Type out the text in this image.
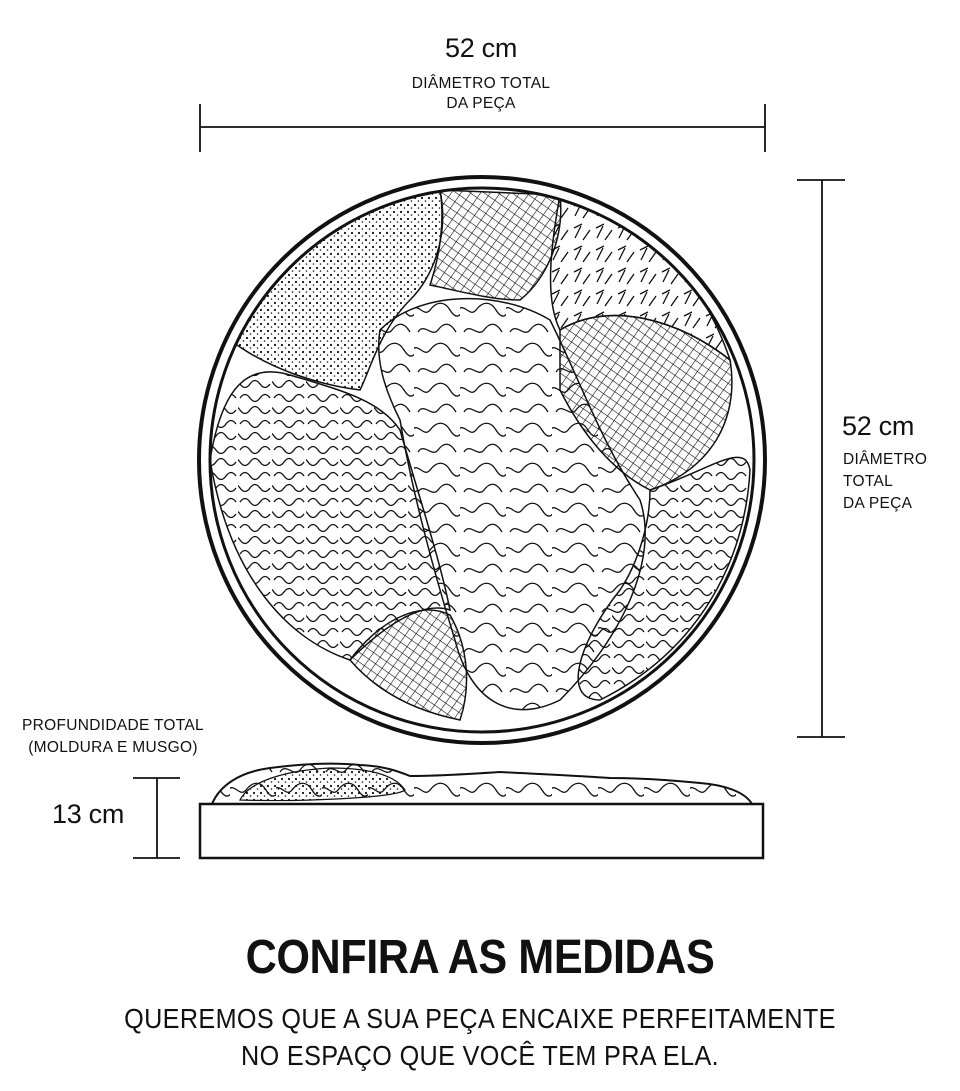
52 cm
DIÂMETRO TOTAL
DA PEÇA
52 cm
DIÂMETRO
TOTAL
DA PEÇA
PROFUNDIDADE TOTAL
(MOLDURA E MUSGO)
13 cm
CONFIRA AS MEDIDAS
QUEREMOS QUE A SUA PEÇA ENCAIXE PERFEITAMENTE
NO ESPAÇO QUE VOCÊ TEM PRA ELA.
